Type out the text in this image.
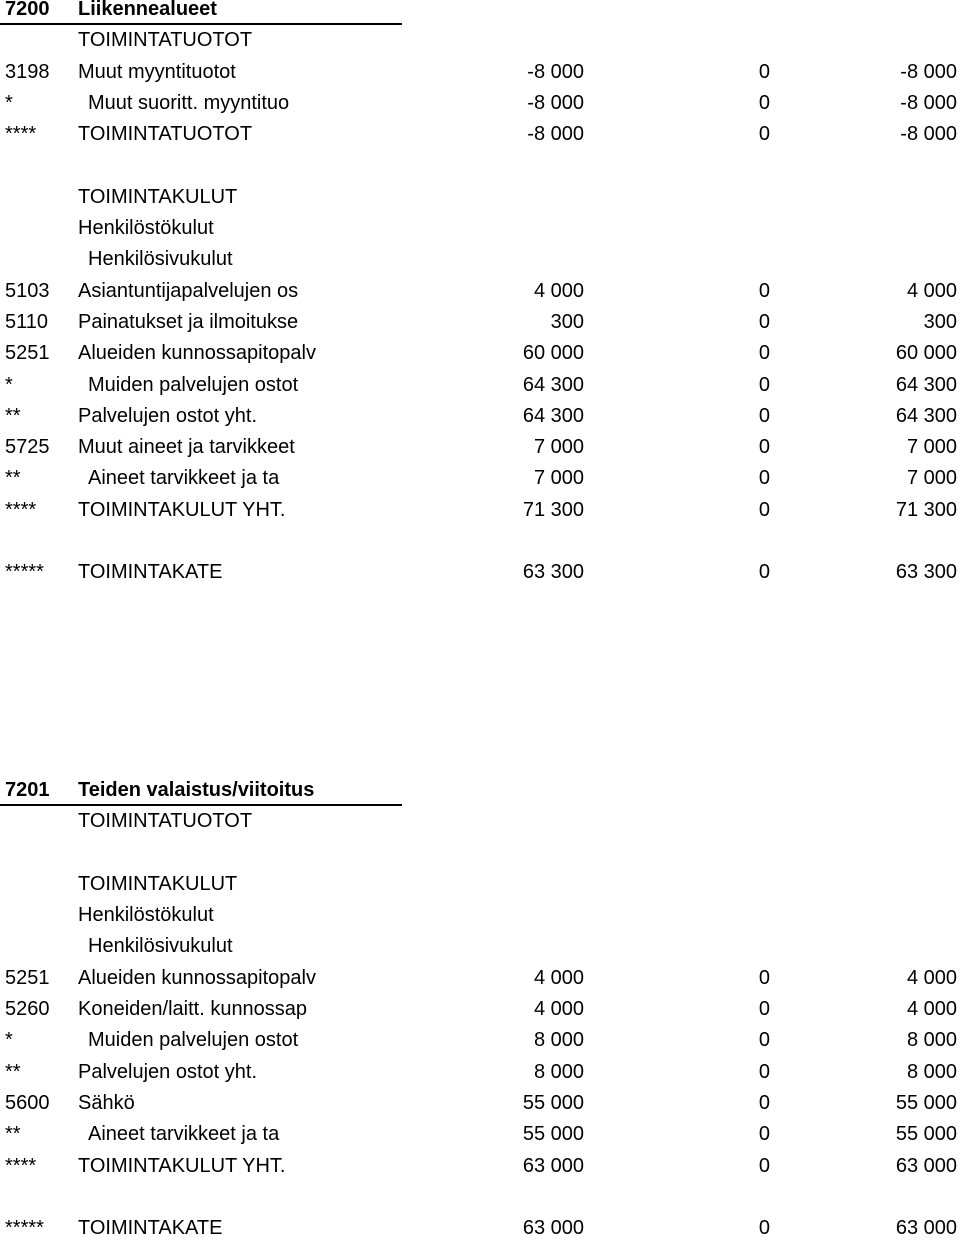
7200 Liikennealueet
TOIMINTATUOTOT
3198 Muut myyntituotot	-8 000	0	-8 000
*	Muut suoritt. myyntituo	-8 000	0	-8 000
**** TOIMINTATUOTOT	-8 000	0	-8 000
TOIMINTAKULUT
Henkilöstökulut
Henkilösivukulut
5103 Asiantuntijapalvelujen os	4 000	0	4 000
5110 Painatukset ja ilmoitukse	300	0	300
5251 Alueiden kunnossapitopalv	60 000	0	60 000
*	Muiden palvelujen ostot	64 300	0	64 300
**	Palvelujen ostot yht.	64 300	0	64 300
5725 Muut aineet ja tarvikkeet	7 000	0	7 000
**	Aineet tarvikkeet ja ta	7 000	0	7 000
**** TOIMINTAKULUT YHT.	71 300	0	71 300
***** TOIMINTAKATE	63 300	0	63 300
7201 Teiden valaistus/viitoitus
TOIMINTATUOTOT
TOIMINTAKULUT
Henkilöstökulut
Henkilösivukulut
5251 Alueiden kunnossapitopalv	4 000	0	4 000
5260 Koneiden/laitt. kunnossap	4 000	0	4 000
*	Muiden palvelujen ostot	8 000	0	8 000
**	Palvelujen ostot yht.	8 000	0	8 000
5600 Sähkö	55 000	0	55 000
**	Aineet tarvikkeet ja ta	55 000	0	55 000
**** TOIMINTAKULUT YHT.	63 000	0	63 000
***** TOIMINTAKATE	63 000	0	63 000
